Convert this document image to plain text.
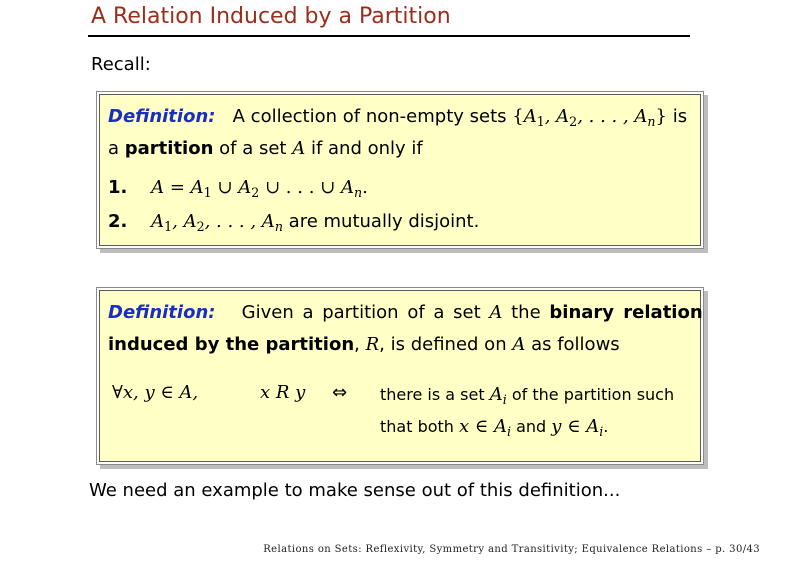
A Relation Induced by a Partition
Recall:
Definition: A collection of non-empty sets {$A_1$, $A_2$, . . . , $A_n$} is
a partition of a set A if and only if
1. $A = A_1$ ∪ $A_2$ ∪ . . . ∪ $A_n$.
2. $A_1$, $A_2$, . . . , $A_n$ are mutually disjoint.
Definition: Given a partition of a set A the binary relation
induced by the partition, R, is defined on A as follows
∀x, y ∈ A,	x R y ⇔ there is a set $A_i$ of the partition such
that both x ∈ $A_i$ and y ∈ $A_i$.
We need an example to make sense out of this definition...
Relations on Sets: Reflexivity, Symmetry and Transitivity; Equivalence Relations – p. 30/43
